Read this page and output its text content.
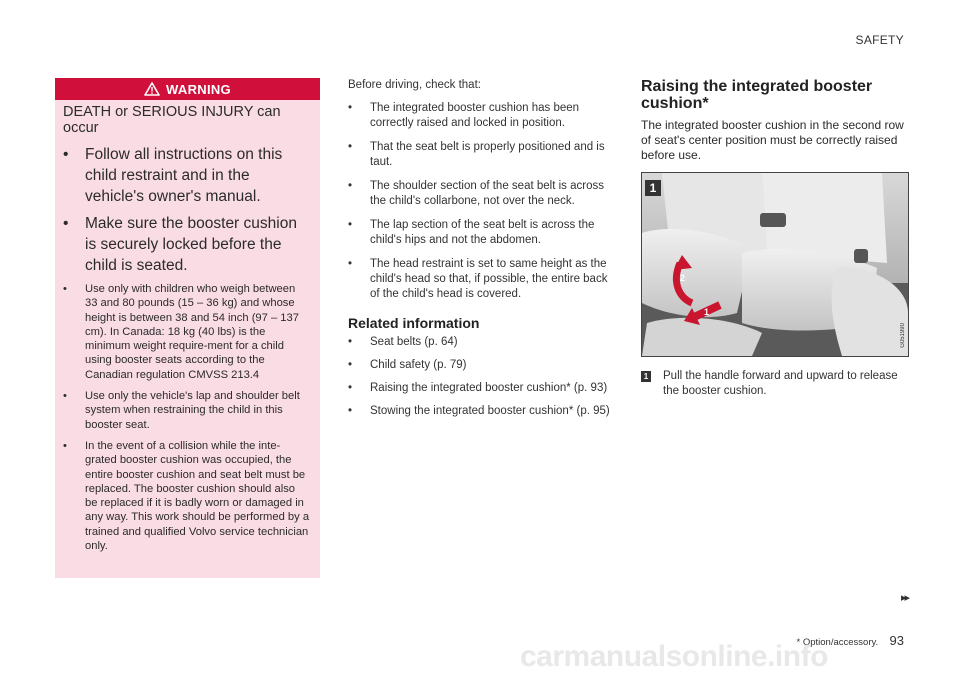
SAFETY
WARNING

DEATH or SERIOUS INJURY can occur

•	Follow all instructions on this child restraint and in the vehicle's owner's manual.
•	Make sure the booster cushion is securely locked before the child is seated.
•	Use only with children who weigh between 33 and 80 pounds (15 – 36 kg) and whose height is between 38 and 54 inch (97 – 137 cm). In Canada: 18 kg (40 lbs) is the minimum weight require-ment for a child using booster seats according to the Canadian regulation CMVSS 213.4
•	Use only the vehicle's lap and shoulder belt system when restraining the child in this booster seat.
•	In the event of a collision while the inte-grated booster cushion was occupied, the entire booster cushion and seat belt must be replaced. The booster cushion should also be replaced if it is badly worn or damaged in any way. This work should be performed by a trained and qualified Volvo service technician only.

Before driving, check that:

•	The integrated booster cushion has been correctly raised and locked in position.
•	That the seat belt is properly positioned and is taut.
•	The shoulder section of the seat belt is across the child's collarbone, not over the neck.
•	The lap section of the seat belt is across the child's hips and not the abdomen.
•	The head restraint is set to same height as the child's head so that, if possible, the entire back of the child's head is covered.
Related information
•	Seat belts (p. 64)
•	Child safety (p. 79)
•	Raising the integrated booster cushion* (p. 93)
•	Stowing the integrated booster cushion* (p. 95)
Raising the integrated booster cushion*

The integrated booster cushion in the second row of seat's center position must be correctly raised before use.

1
2
1
G051990
1 Pull the handle forward and upward to release the booster cushion.
▸▸
* Option/accessory. 93
carmanualsonline.info
